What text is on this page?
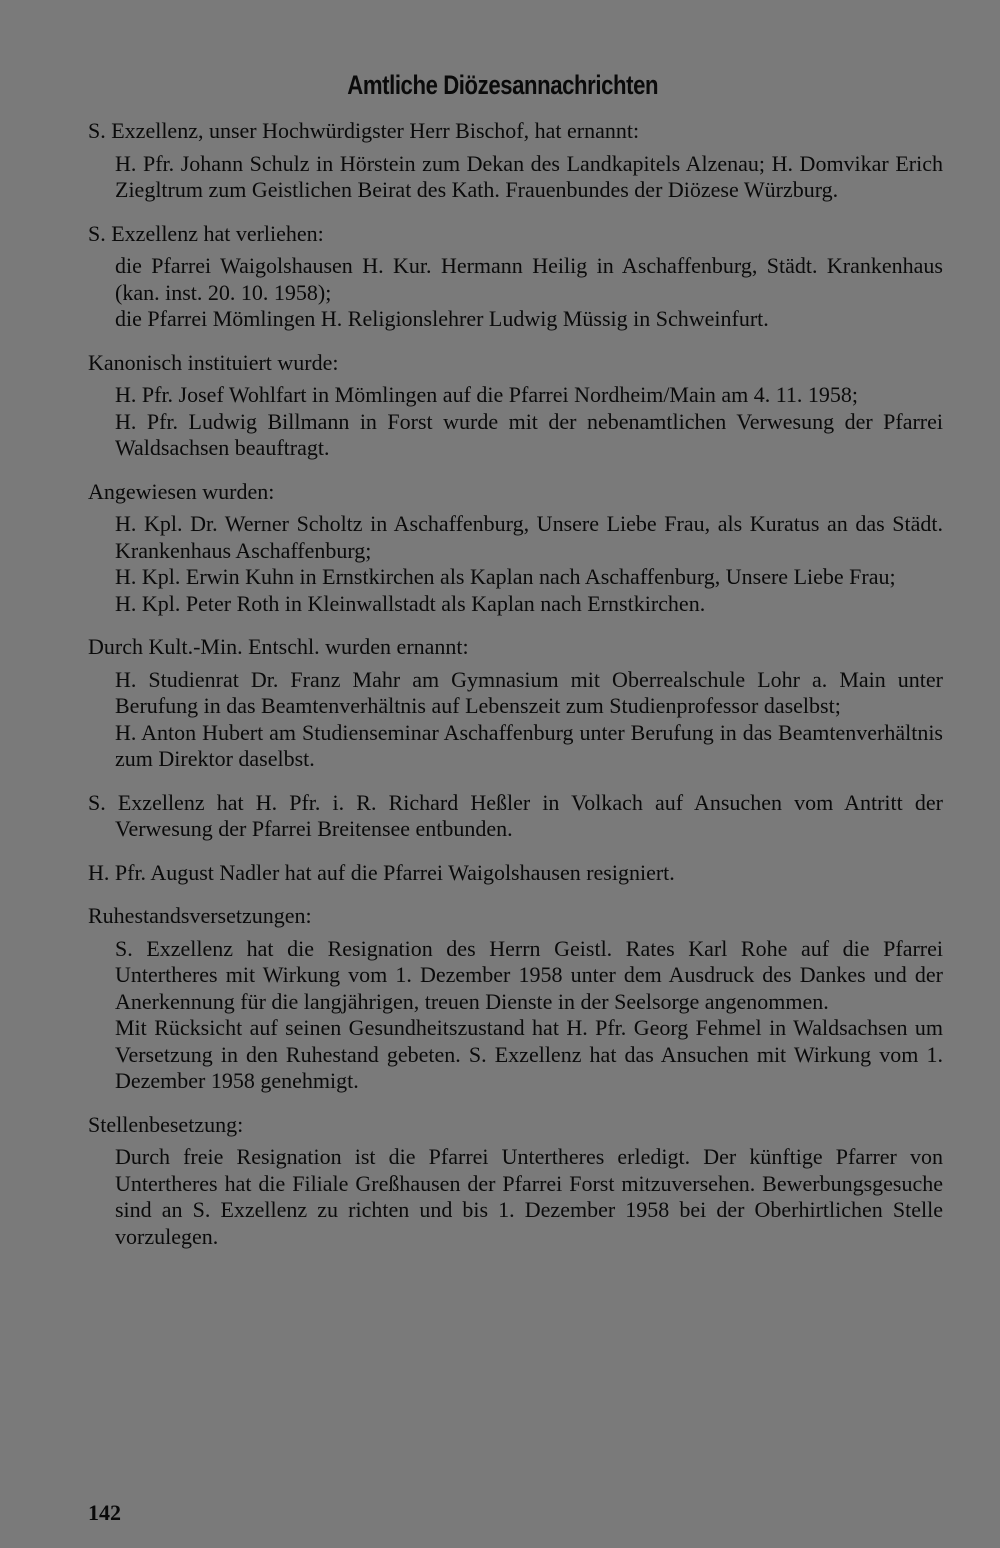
Amtliche Diözesannachrichten
S. Exzellenz, unser Hochwürdigster Herr Bischof, hat ernannt:

H. Pfr. Johann Schulz in Hörstein zum Dekan des Landkapitels Alzenau; H. Domvikar Erich Ziegltrum zum Geistlichen Beirat des Kath. Frauenbundes der Diözese Würzburg.

S. Exzellenz hat verliehen:

die Pfarrei Waigolshausen H. Kur. Hermann Heilig in Aschaffenburg, Städt. Krankenhaus (kan. inst. 20. 10. 1958);

die Pfarrei Mömlingen H. Religionslehrer Ludwig Müssig in Schweinfurt.

Kanonisch instituiert wurde:

H. Pfr. Josef Wohlfart in Mömlingen auf die Pfarrei Nordheim/Main am 4. 11. 1958;

H. Pfr. Ludwig Billmann in Forst wurde mit der nebenamtlichen Verwesung der Pfarrei Waldsachsen beauftragt.

Angewiesen wurden:

H. Kpl. Dr. Werner Scholtz in Aschaffenburg, Unsere Liebe Frau, als Kuratus an das Städt. Krankenhaus Aschaffenburg;

H. Kpl. Erwin Kuhn in Ernstkirchen als Kaplan nach Aschaffenburg, Unsere Liebe Frau;

H. Kpl. Peter Roth in Kleinwallstadt als Kaplan nach Ernstkirchen.

Durch Kult.-Min. Entschl. wurden ernannt:

H. Studienrat Dr. Franz Mahr am Gymnasium mit Oberrealschule Lohr a. Main unter Berufung in das Beamtenverhältnis auf Lebenszeit zum Studienprofessor daselbst;

H. Anton Hubert am Studienseminar Aschaffenburg unter Berufung in das Beamtenverhältnis zum Direktor daselbst.

S. Exzellenz hat H. Pfr. i. R. Richard Heßler in Volkach auf Ansuchen vom Antritt der Verwesung der Pfarrei Breitensee entbunden.
H. Pfr. August Nadler hat auf die Pfarrei Waigolshausen resigniert.
Ruhestandsversetzungen:

S. Exzellenz hat die Resignation des Herrn Geistl. Rates Karl Rohe auf die Pfarrei Untertheres mit Wirkung vom 1. Dezember 1958 unter dem Ausdruck des Dankes und der Anerkennung für die langjährigen, treuen Dienste in der Seelsorge angenommen.

Mit Rücksicht auf seinen Gesundheitszustand hat H. Pfr. Georg Fehmel in Waldsachsen um Versetzung in den Ruhestand gebeten. S. Exzellenz hat das Ansuchen mit Wirkung vom 1. Dezember 1958 genehmigt.

Stellenbesetzung:

Durch freie Resignation ist die Pfarrei Untertheres erledigt. Der künftige Pfarrer von Untertheres hat die Filiale Greßhausen der Pfarrei Forst mitzuversehen. Bewerbungsgesuche sind an S. Exzellenz zu richten und bis 1. Dezember 1958 bei der Oberhirtlichen Stelle vorzulegen.

142
